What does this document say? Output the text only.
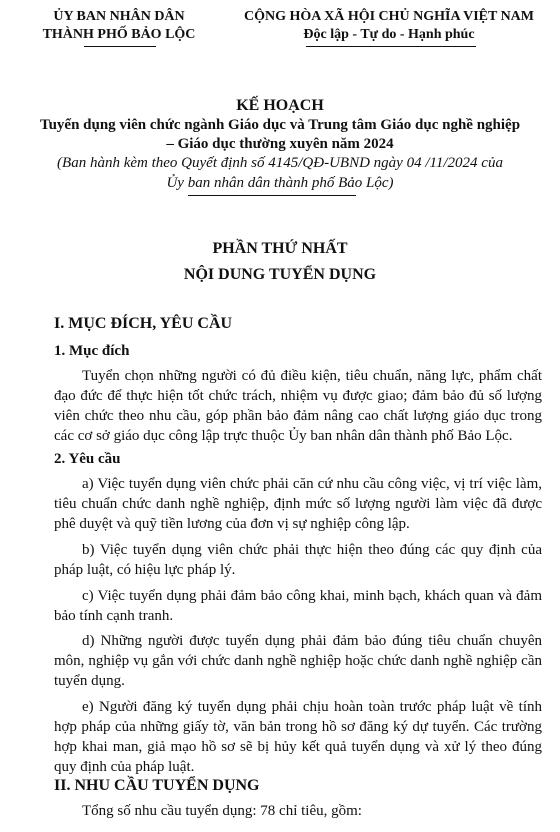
ỦY BAN NHÂN DÂN
THÀNH PHỐ BẢO LỘC
CỘNG HÒA XÃ HỘI CHỦ NGHĨA VIỆT NAM
Độc lập - Tự do - Hạnh phúc
KẾ HOẠCH
Tuyển dụng viên chức ngành Giáo dục và Trung tâm Giáo dục nghề nghiệp
– Giáo dục thường xuyên năm 2024
(Ban hành kèm theo Quyết định số 4145/QĐ-UBND ngày 04 /11/2024 của
Ủy ban nhân dân thành phố Bảo Lộc)
PHẦN THỨ NHẤT
NỘI DUNG TUYỂN DỤNG
I. MỤC ĐÍCH, YÊU CẦU
1. Mục đích
Tuyển chọn những người có đủ điều kiện, tiêu chuẩn, năng lực, phẩm chất đạo đức để thực hiện tốt chức trách, nhiệm vụ được giao; đảm bảo đủ số lượng viên chức theo nhu cầu, góp phần bảo đảm nâng cao chất lượng giáo dục trong các cơ sở giáo dục công lập trực thuộc Ủy ban nhân dân thành phố Bảo Lộc.
2. Yêu cầu
a) Việc tuyển dụng viên chức phải căn cứ nhu cầu công việc, vị trí việc làm, tiêu chuẩn chức danh nghề nghiệp, định mức số lượng người làm việc đã được phê duyệt và quỹ tiền lương của đơn vị sự nghiệp công lập.
b) Việc tuyển dụng viên chức phải thực hiện theo đúng các quy định của pháp luật, có hiệu lực pháp lý.
c) Việc tuyển dụng phải đảm bảo công khai, minh bạch, khách quan và đảm bảo tính cạnh tranh.
d) Những người được tuyển dụng phải đảm bảo đúng tiêu chuẩn chuyên môn, nghiệp vụ gắn với chức danh nghề nghiệp hoặc chức danh nghề nghiệp cần tuyển dụng.
e) Người đăng ký tuyển dụng phải chịu hoàn toàn trước pháp luật về tính hợp pháp của những giấy tờ, văn bản trong hồ sơ đăng ký dự tuyển. Các trường hợp khai man, giả mạo hồ sơ sẽ bị hủy kết quả tuyển dụng và xử lý theo đúng quy định của pháp luật.
II. NHU CẦU TUYỂN DỤNG
Tổng số nhu cầu tuyển dụng: 78 chỉ tiêu, gồm:
